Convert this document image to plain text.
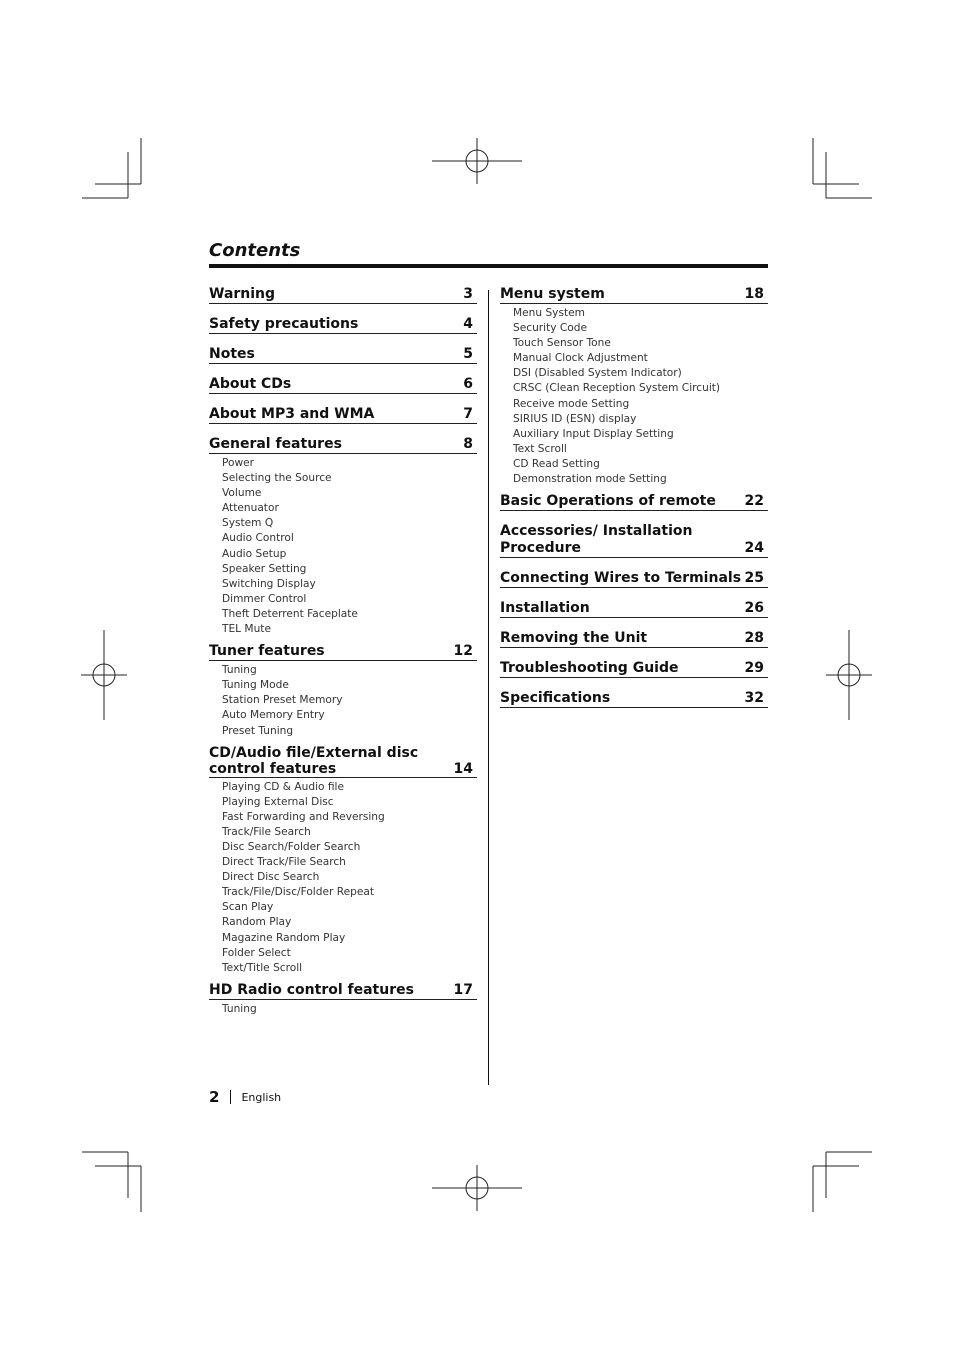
Contents
Warning	3
Safety precautions	4
Notes	5
About CDs	6
About MP3 and WMA	7
General features	8
Power
Selecting the Source
Volume
Attenuator
System Q
Audio Control
Audio Setup
Speaker Setting
Switching Display
Dimmer Control
Theft Deterrent Faceplate
TEL Mute
Tuner features	12
Tuning
Tuning Mode
Station Preset Memory
Auto Memory Entry
Preset Tuning
CD/Audio file/External disc control features	14
Playing CD & Audio file
Playing External Disc
Fast Forwarding and Reversing
Track/File Search
Disc Search/Folder Search
Direct Track/File Search
Direct Disc Search
Track/File/Disc/Folder Repeat
Scan Play
Random Play
Magazine Random Play
Folder Select
Text/Title Scroll
HD Radio control features	17
Tuning
Menu system	18
Menu System
Security Code
Touch Sensor Tone
Manual Clock Adjustment
DSI (Disabled System Indicator)
CRSC (Clean Reception System Circuit)
Receive mode Setting
SIRIUS ID (ESN) display
Auxiliary Input Display Setting
Text Scroll
CD Read Setting
Demonstration mode Setting
Basic Operations of remote	22
Accessories/ Installation Procedure	24
Connecting Wires to Terminals 25
Installation	26
Removing the Unit	28
Troubleshooting Guide	29
Specifications	32
2 English
